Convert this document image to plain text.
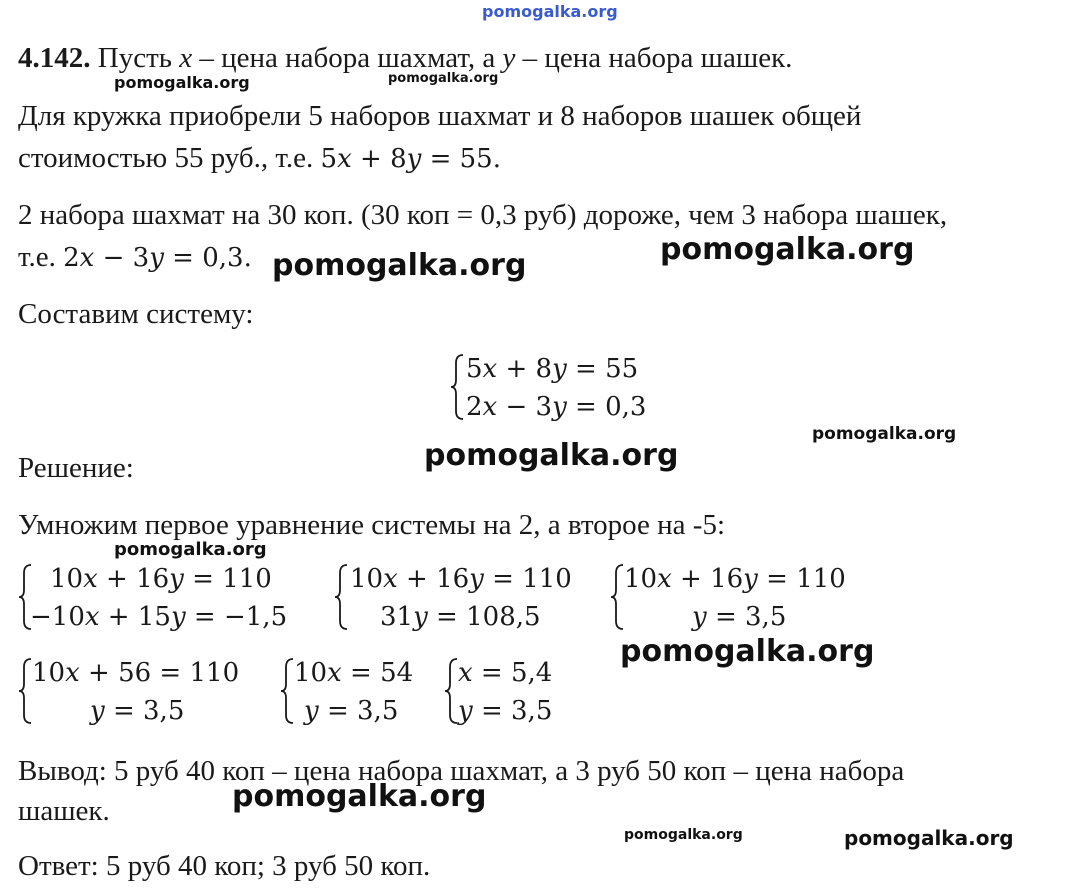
pomogalka.org
4.142. Пусть x – цена набора шахмат, а y – цена набора шашек.
pomogalka.org	pomogalka.org
Для кружка приобрели 5 наборов шахмат и 8 наборов шашек общей
стоимостью 55 руб., т.е. 5x + 8y = 55.
2 набора шахмат на 30 коп. (30 коп = 0,3 руб) дороже, чем 3 набора шашек,
т.е. 2x − 3y = 0,3. pomogalka.org	pomogalka.org
Составим систему:
5x + 8y = 55
2x − 3y = 0,3
pomogalka.org
Решение:	pomogalka.org
Умножим первое уравнение системы на 2, а второе на -5:
pomogalka.org
10x + 16y = 110
−10x + 15y = −1,5
10x + 16y = 110
31y = 108,5
10x + 16y = 110
y = 3,5
pomogalka.org
10x + 56 = 110
y = 3,5
10x = 54
y = 3,5
x = 5,4
y = 3,5
Вывод: 5 руб 40 коп – цена набора шахмат, а 3 руб 50 коп – цена набора
шашек.	pomogalka.org
pomogalka.org	pomogalka.org
Ответ: 5 руб 40 коп; 3 руб 50 коп.
